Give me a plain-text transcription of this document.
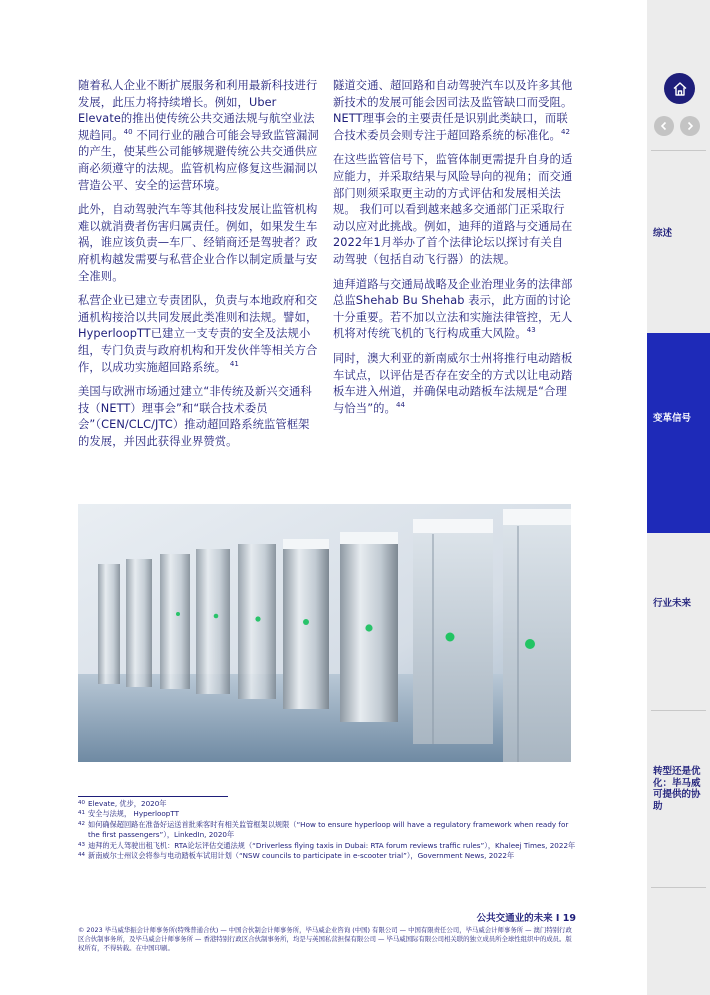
随着私人企业不断扩展服务和利用最新科技进行发展，此压力将持续增长。例如，Uber Elevate的推出使传统公共交通法规与航空业法规趋同。$^{40}$ 不同行业的融合可能会导致监管漏洞的产生，使某些公司能够规避传统公共交通供应商必须遵守的法规。监管机构应修复这些漏洞以营造公平、安全的运营环境。

此外，自动驾驶汽车等其他科技发展让监管机构难以就消费者伤害归属责任。例如，如果发生车祸，谁应该负责—车厂、经销商还是驾驶者？政府机构越发需要与私营企业合作以制定质量与安全准则。

私营企业已建立专责团队，负责与本地政府和交通机构接洽以共同发展此类准则和法规。譬如，HyperloopTT已建立一支专责的安全及法规小组，专门负责与政府机构和开发伙伴等相关方合作，以成功实施超回路系统。 $^{41}$

美国与欧洲市场通过建立“非传统及新兴交通科技（NETT）理事会”和“联合技术委员会”（CEN/CLC/JTC）推动超回路系统监管框架的发展，并因此获得业界赞赏。

隧道交通、超回路和自动驾驶汽车以及许多其他新技术的发展可能会因司法及监管缺口而受阻。NETT理事会的主要责任是识别此类缺口，而联合技术委员会则专注于超回路系统的标准化。$^{42}$

在这些监管信号下，监管体制更需提升自身的适应能力，并采取结果与风险导向的视角；而交通部门则须采取更主动的方式评估和发展相关法规。 我们可以看到越来越多交通部门正采取行动以应对此挑战。例如，迪拜的道路与交通局在2022年1月举办了首个法律论坛以探讨有关自动驾驶（包括自动飞行器）的法规。

迪拜道路与交通局战略及企业治理业务的法律部总监Shehab Bu Shehab 表示，此方面的讨论十分重要。若不加以立法和实施法律管控，无人机将对传统飞机的飞行构成重大风险。$^{43}$

同时，澳大利亚的新南威尔士州将推行电动踏板车试点，以评估是否存在安全的方式以让电动踏板车进入州道，并确保电动踏板车法规是“合理与恰当”的。$^{44}$

40 Elevate, 优步，2020年
41 安全与法规， HyperloopTT
42 如何确保超回路在准备好运送首批乘客时有相关监管框架以规限（“How to ensure hyperloop will have a regulatory framework when ready for the first passengers”），LinkedIn, 2020年
43 迪拜的无人驾驶出租飞机：RTA论坛评估交通法规（“Driverless flying taxis in Dubai: RTA forum reviews traffic rules”），Khaleej Times, 2022年
44 新南威尔士州议会将参与电动踏板车试用计划（“NSW councils to participate in e-scooter trial”），Government News, 2022年
公共交通业的未来 I 19
© 2023 毕马威华振会计师事务所(特殊普通合伙) — 中国合伙制会计师事务所，毕马威企业咨询 (中国) 有限公司 — 中国有限责任公司，毕马威会计师事务所 — 澳门特别行政区合伙制事务所，及毕马威会计师事务所 — 香港特别行政区合伙制事务所，均是与英国私营担保有限公司 — 毕马威国际有限公司相关联的独立成员所全球性组织中的成员。版权所有，不得转载。在中国印刷。
综述
变革信号
行业未来
转型还是优化：毕马威可提供的协助
